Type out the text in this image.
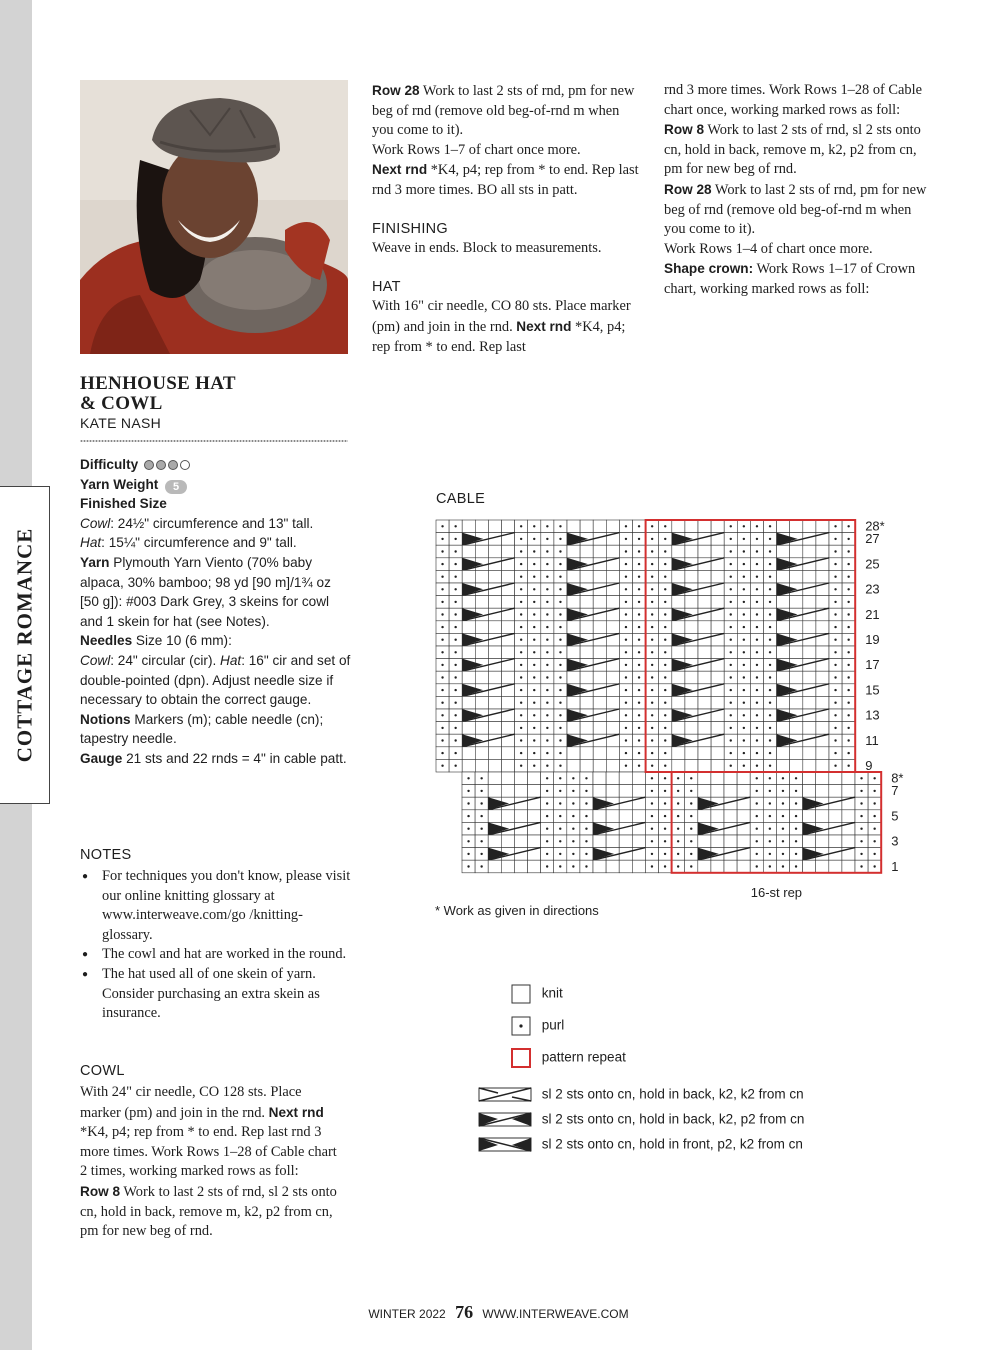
COTTAGE ROMANCE
HENHOUSE HAT
& COWL
KATE NASH

Difficulty

Yarn Weight 5

Finished Size

Cowl: 24½" circumference and 13" tall.

Hat: 15¼" circumference and 9" tall.

Yarn Plymouth Yarn Viento (70% baby alpaca, 30% bamboo; 98 yd [90 m]/1¾ oz [50 g]): #003 Dark Grey, 3 skeins for cowl and 1 skein for hat (see Notes).

Needles Size 10 (6 mm):

Cowl: 24" circular (cir). Hat: 16" cir and set of double-pointed (dpn). Adjust needle size if necessary to obtain the correct gauge.

Notions Markers (m); cable needle (cn); tapestry needle.

Gauge 21 sts and 22 rnds = 4" in cable patt.

NOTES
● For techniques you don't know, please visit our online knitting glossary at www.interweave.com/go /knitting-glossary.
● The cowl and hat are worked in the round.
● The hat used all of one skein of yarn. Consider purchasing an extra skein as insurance.
COWL

With 24" cir needle, CO 128 sts. Place marker (pm) and join in the rnd. Next rnd *K4, p4; rep from * to end. Rep last rnd 3 more times. Work Rows 1–28 of Cable chart 2 times, working marked rows as foll:

Row 8 Work to last 2 sts of rnd, sl 2 sts onto cn, hold in back, remove m, k2, p2 from cn, pm for new beg of rnd.

Row 28 Work to last 2 sts of rnd, pm for new beg of rnd (remove old beg-of-rnd m when you come to it).

Work Rows 1–7 of chart once more.

Next rnd *K4, p4; rep from * to end. Rep last rnd 3 more times. BO all sts in patt.

FINISHING

Weave in ends. Block to measurements.

HAT

With 16" cir needle, CO 80 sts. Place marker (pm) and join in the rnd. Next rnd *K4, p4; rep from * to end. Rep last

rnd 3 more times. Work Rows 1–28 of Cable chart once, working marked rows as foll:

Row 8 Work to last 2 sts of rnd, sl 2 sts onto cn, hold in back, remove m, k2, p2 from cn, pm for new beg of rnd.

Row 28 Work to last 2 sts of rnd, pm for new beg of rnd (remove old beg-of-rnd m when you come to it).

Work Rows 1–4 of chart once more.

Shape crown: Work Rows 1–17 of Crown chart, working marked rows as foll:

CABLE
1
3
5
7
8*
9
11
13
15
17
19
21
23
25
27
28*
16-st rep
* Work as given in directions
knit
purl
pattern repeat
sl 2 sts onto cn, hold in back, k2, k2 from cn
sl 2 sts onto cn, hold in back, k2, p2 from cn
sl 2 sts onto cn, hold in front, p2, k2 from cn
WINTER 2022 76 WWW.INTERWEAVE.COM
